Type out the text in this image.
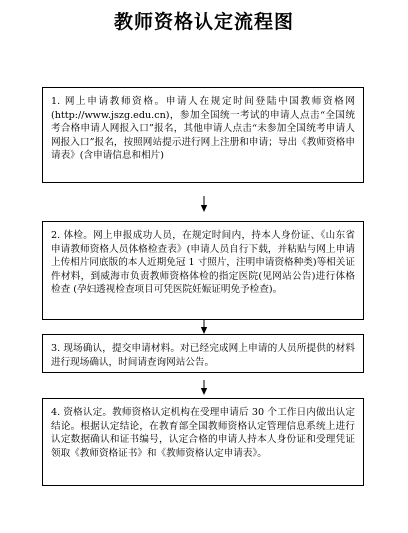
教师资格认定流程图

1. 网上申请教师资格。申请人在规定时间登陆中国教师资格网(http://www.jszg.edu.cn)，参加全国统一考试的申请人点击“全国统考合格申请人网报入口”报名，其他申请人点击“未参加全国统考申请人网报入口”报名，按照网站提示进行网上注册和申请；导出《教师资格申请表》(含申请信息和相片)

2. 体检。网上申报成功人员，在规定时间内，持本人身份证、《山东省申请教师资格人员体格检查表》(申请人员自行下载，并粘贴与网上申请上传相片同底版的本人近期免冠 1 寸照片，注明申请资格种类)等相关证件材料，到威海市负责教师资格体检的指定医院(见网站公告)进行体格检查 (孕妇透视检查项目可凭医院妊娠证明免予检查)。

3. 现场确认，提交申请材料。对已经完成网上申请的人员所提供的材料进行现场确认，时间请查询网站公告。

4. 资格认定。教师资格认定机构在受理申请后 30 个工作日内做出认定结论。根据认定结论，在教育部全国教师资格认定管理信息系统上进行认定数据确认和证书编号，认定合格的申请人持本人身份证和受理凭证领取《教师资格证书》和《教师资格认定申请表》。
